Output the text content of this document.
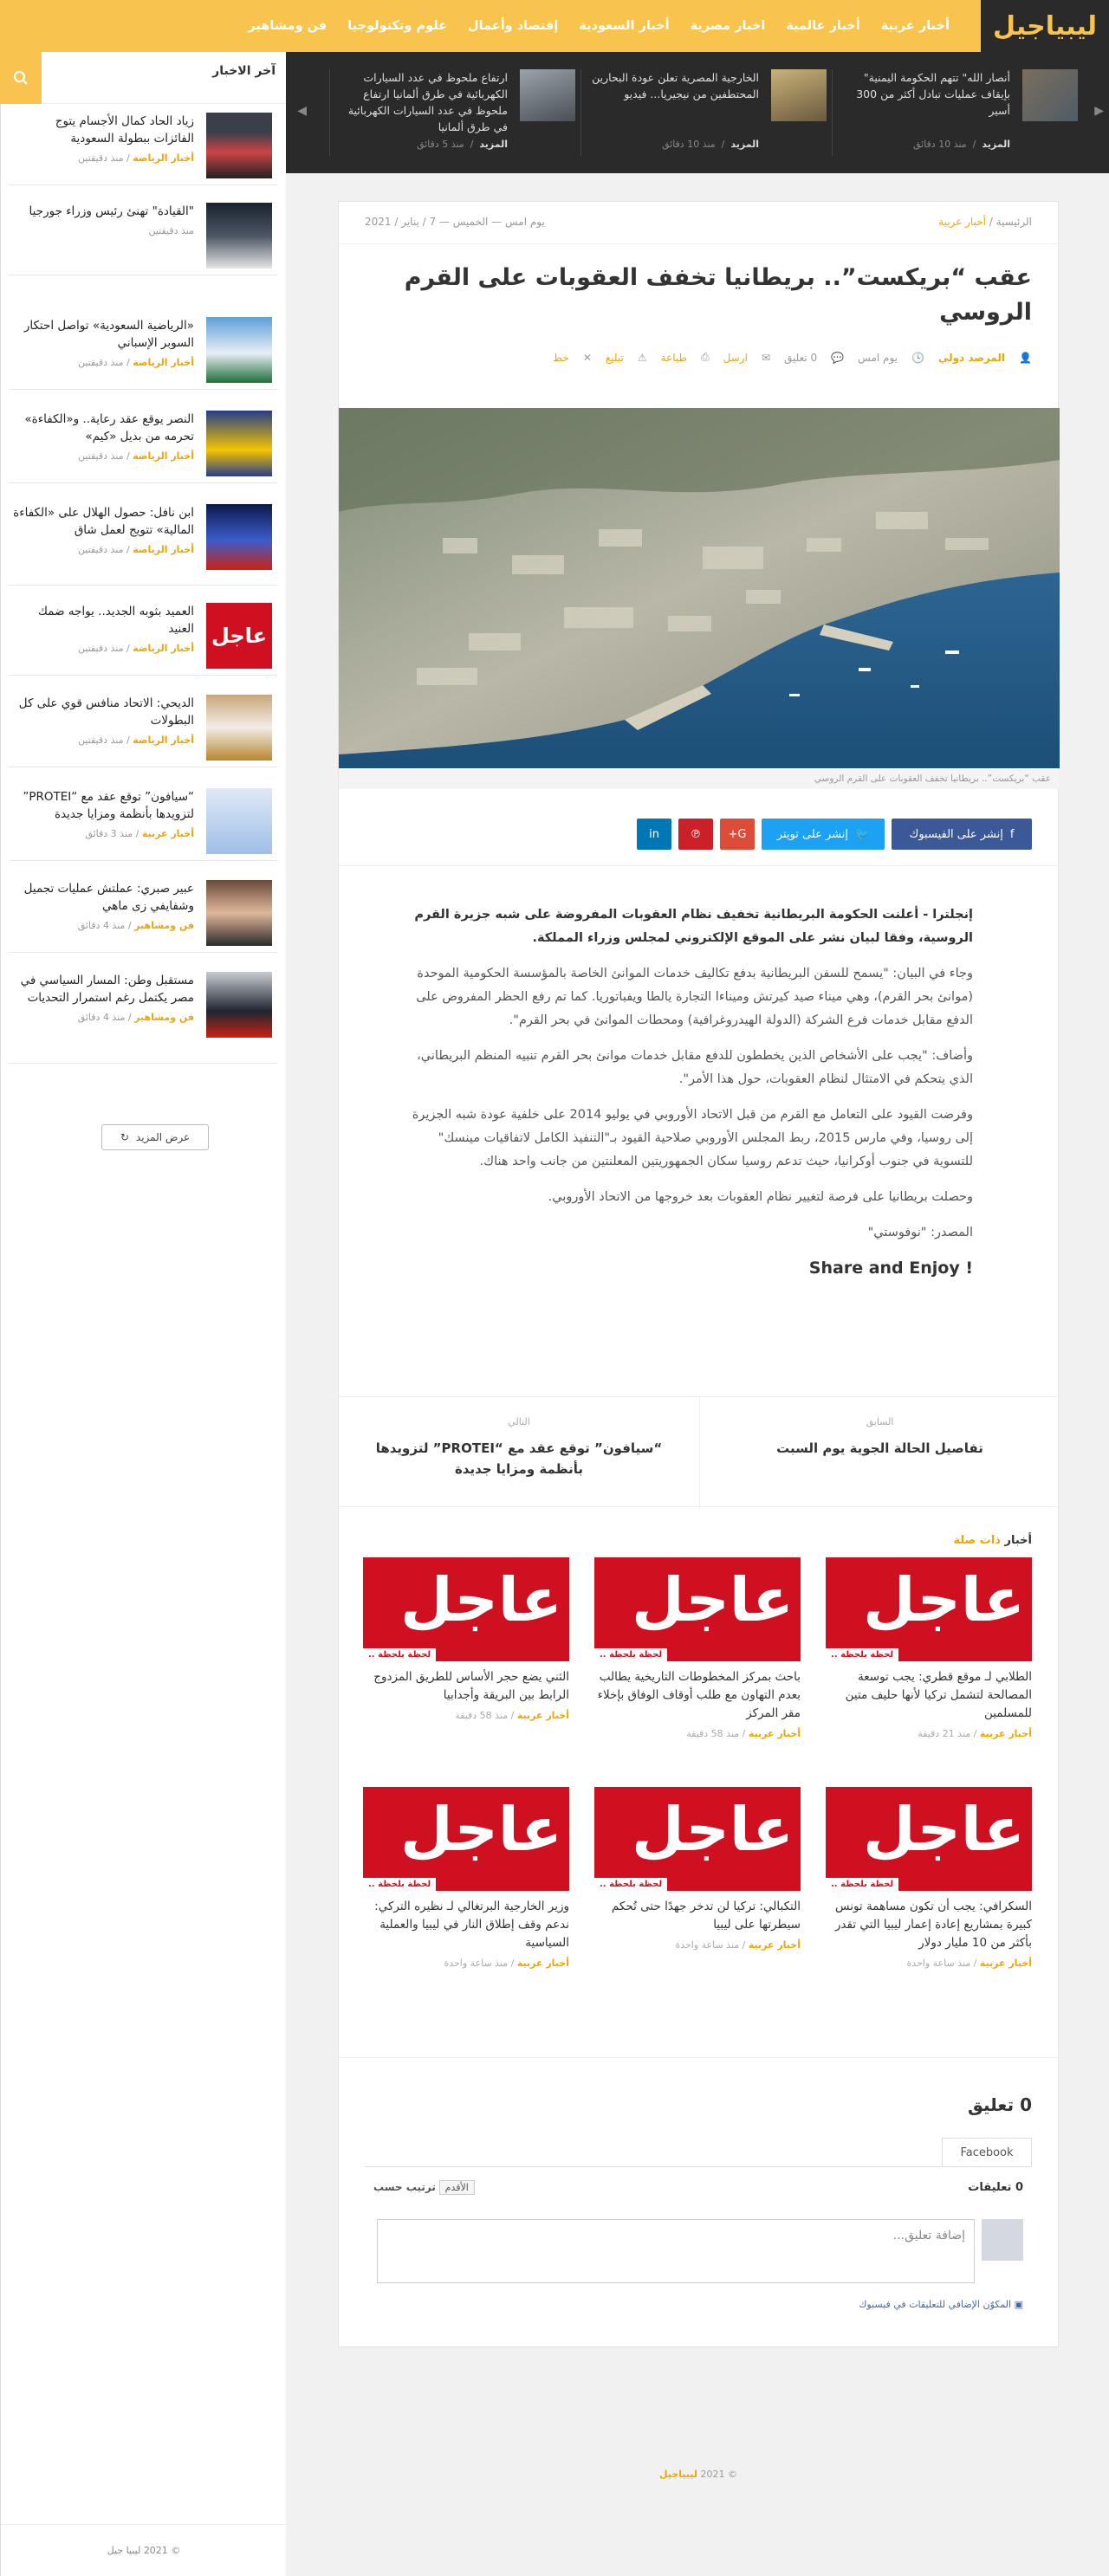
ليبياجيل
أخبار عربية
أخبار عالمية
اخبار مصرية
أخبار السعودية
إقتصاد وأعمال
علوم وتكنولوجيا
فن ومشاهير
أنصار الله" تتهم الحكومة اليمنية" بإيقاف عمليات تبادل أكثر من 300 أسير
المزيد  /  منذ 10 دقائق
الخارجية المصرية تعلن عودة البحارين المحتطفين من نيجيريا... فيديو
المزيد  /  منذ 10 دقائق
ارتفاع ملحوظ في عدد السيارات الكهربائية في طرق ألمانيا ارتفاع ملحوظ في عدد السيارات الكهربائية في طرق ألمانيا
المزيد  /  منذ 5 دقائق
▶
◀
آخر الاخبار
زياد الحاد كمال الأجسام يتوج الفائزات ببطولة السعودية
أخبار الرياضة / منذ دقيقتين
"القيادة" تهنئ رئيس وزراء جورجيا
منذ دقيقتين
«الرياضية السعودية» تواصل احتكار السوبر الإسباني
أخبار الرياضة / منذ دقيقتين
النصر يوقع عقد رعاية.. و«الكفاءة» تحرمه من بديل «كيم»
أخبار الرياضة / منذ دقيقتين
ابن نافل: حصول الهلال على «الكفاءة المالية» تتويج لعمل شاق
أخبار الرياضة / منذ دقيقتين
عاجل
العميد بثوبه الجديد.. يواجه ضمك العنيد
أخبار الرياضة / منذ دقيقتين
الديحي: الاتحاد منافس قوي على كل البطولات
أخبار الرياضة / منذ دقيقتين
“سيافون” توقع عقد مع “PROTEI” لتزويدها بأنظمة ومزايا جديدة
أخبار عربية / منذ 3 دقائق
عبير صبري: عملتش عمليات تجميل وشفايفي زى ماهي
فن ومشاهير / منذ 4 دقائق
مستقبل وطن: المسار السياسي في مصر يكتمل رغم استمرار التحديات
فن ومشاهير / منذ 4 دقائق
عرض المزيد
↻
© 2021 ليبيا جيل
الرئيسية / أخبار عربية
يوم امس — الخميس — 7 / يناير / 2021
عقب “بريكست”.. بريطانيا تخفف العقوبات على القرم الروسي
👤
المرصد دولي
🕓
يوم امس
💬
0 تعليق
✉
ارسل
⎙
طباعة
⚠
تبليغ
✕
خط
عقب “بريكست”.. بريطانيا تخفف العقوبات على القرم الروسي
f
إنشر على الفيسبوك
🐦
إنشر على تويتر
G+
℗
in

إنجلترا - أعلنت الحكومة البريطانية تخفيف نظام العقوبات المفروضة على شبه جزيرة القرم الروسية، وفقا لبيان نشر على الموقع الإلكتروني لمجلس وزراء المملكة.

وجاء في البيان: "يسمح للسفن البريطانية بدفع تكاليف خدمات الموانئ الخاصة بالمؤسسة الحكومية الموحدة (موانئ بحر القرم)، وهي ميناء صيد كيرتش وميناءا التجارة يالطا ويفباتوريا. كما تم رفع الحظر المفروض على الدفع مقابل خدمات فرع الشركة (الدولة الهيدروغرافية) ومحطات الموانئ في بحر القرم".

وأضاف: "يجب على الأشخاص الذين يخططون للدفع مقابل خدمات موانئ بحر القرم تنبيه المنظم البريطاني، الذي يتحكم في الامتثال لنظام العقوبات، حول هذا الأمر".

وفرضت القيود على التعامل مع القرم من قبل الاتحاد الأوروبي في يوليو 2014 على خلفية عودة شبه الجزيرة إلى روسيا، وفي مارس 2015، ربط المجلس الأوروبي صلاحية القيود بـ"التنفيذ الكامل لاتفاقيات مينسك" للتسوية في جنوب أوكرانيا، حيث تدعم روسيا سكان الجمهوريتين المعلنتين من جانب واحد هناك.

وحصلت بريطانيا على فرصة لتغيير نظام العقوبات بعد خروجها من الاتحاد الأوروبي.

المصدر: "نوفوستي"

Share and Enjoy !
السابق
تفاصيل الحالة الجوية يوم السبت
التالي
“سيافون” توقع عقد مع “PROTEI” لتزويدها بأنظمة ومزايا جديدة
أخبار ذات صلة
عاجل
لحظة بلحظة ..
الطلابي لـ موقع قطري: يجب توسعة المصالحة لتشمل تركيا لأنها حليف متين للمسلمين
أخبار عربية / منذ 21 دقيقة
عاجل
لحظة بلحظة ..
باحث بمركز المخطوطات التاريخية يطالب بعدم التهاون مع طلب أوقاف الوفاق بإخلاء مقر المركز
أخبار عربية / منذ 58 دقيقة
عاجل
لحظة بلحظة ..
الثني يضع حجر الأساس للطريق المزدوج الرابط بين البريقة وأجدابيا
أخبار عربية / منذ 58 دقيقة
عاجل
لحظة بلحظة ..
السكرافي: يجب أن تكون مساهمة تونس كبيرة بمشاريع إعادة إعمار ليبيا التي تقدر بأكثر من 10 مليار دولار
أخبار عربية / منذ ساعة واحدة
عاجل
لحظة بلحظة ..
التكبالي: تركيا لن تدخر جهدًا حتى تُحكم سيطرتها على ليبيا
أخبار عربية / منذ ساعة واحدة
عاجل
لحظة بلحظة ..
وزير الخارجية البرتغالي لـ نظيره التركي: ندعم وقف إطلاق النار في ليبيا والعملية السياسية
أخبار عربية / منذ ساعة واحدة
0 تعليق
Facebook
0 تعليقات
الأقدم ترتيب حسب
إضافة تعليق...
▣ المكوّن الإضافي للتعليقات في فيسبوك
© 2021 ليبياجيل
